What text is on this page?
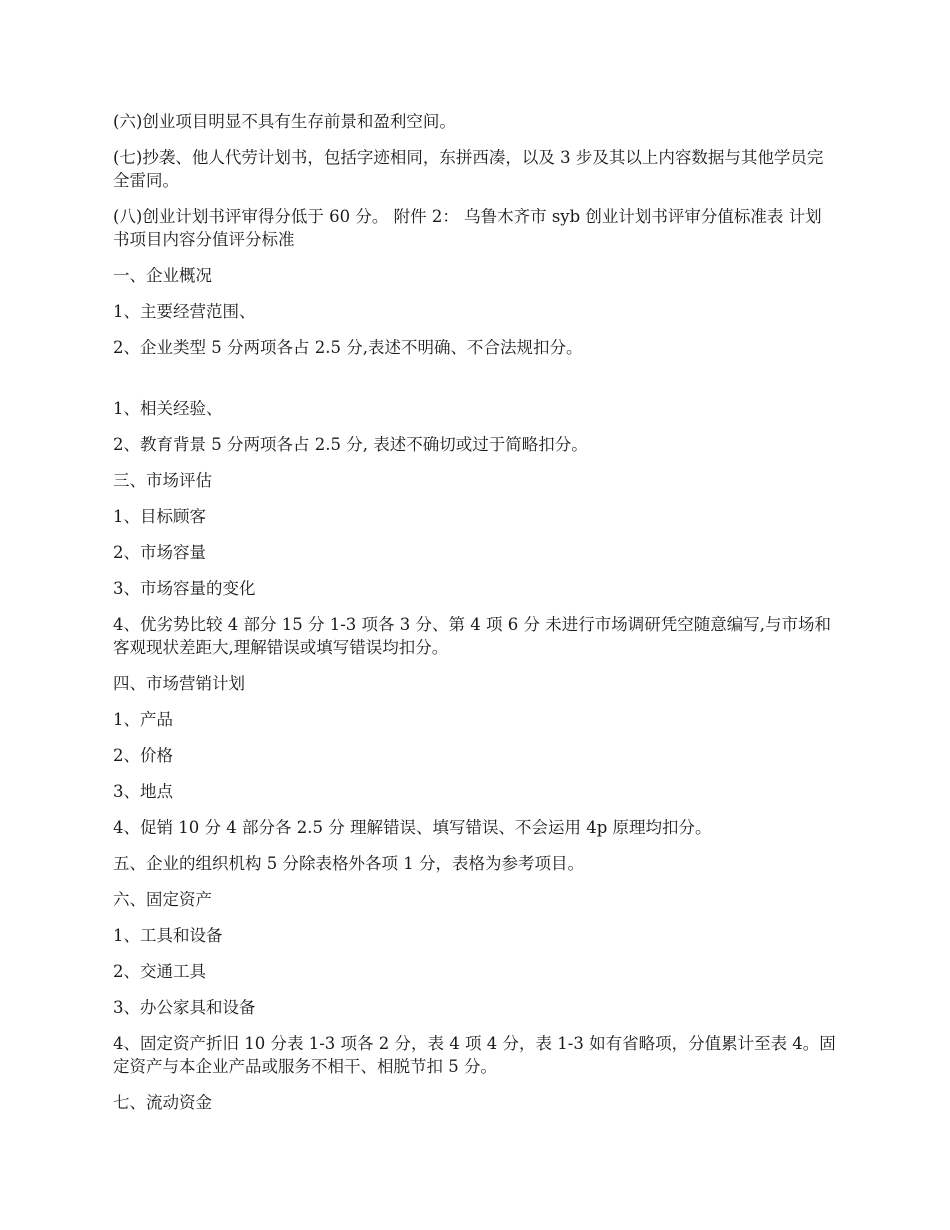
(六)创业项目明显不具有生存前景和盈利空间。

(七)抄袭、他人代劳计划书，包括字迹相同，东拼西凑，以及 3 步及其以上内容数据与其他学员完全雷同。

(八)创业计划书评审得分低于 60 分。 附件 2： 乌鲁木齐市 syb 创业计划书评审分值标准表 计划书项目内容分值评分标准

一、企业概况

1、主要经营范围、

2、企业类型 5 分两项各占 2.5 分,表述不明确、不合法规扣分。

1、相关经验、

2、教育背景 5 分两项各占 2.5 分, 表述不确切或过于简略扣分。

三、市场评估

1、目标顾客

2、市场容量

3、市场容量的变化

4、优劣势比较 4 部分 15 分 1-3 项各 3 分、第 4 项 6 分 未进行市场调研凭空随意编写,与市场和客观现状差距大,理解错误或填写错误均扣分。

四、市场营销计划

1、产品

2、价格

3、地点

4、促销 10 分 4 部分各 2.5 分 理解错误、填写错误、不会运用 4p 原理均扣分。

五、企业的组织机构 5 分除表格外各项 1 分，表格为参考项目。

六、固定资产

1、工具和设备

2、交通工具

3、办公家具和设备

4、固定资产折旧 10 分表 1-3 项各 2 分，表 4 项 4 分，表 1-3 如有省略项，分值累计至表 4。固定资产与本企业产品或服务不相干、相脱节扣 5 分。

七、流动资金
